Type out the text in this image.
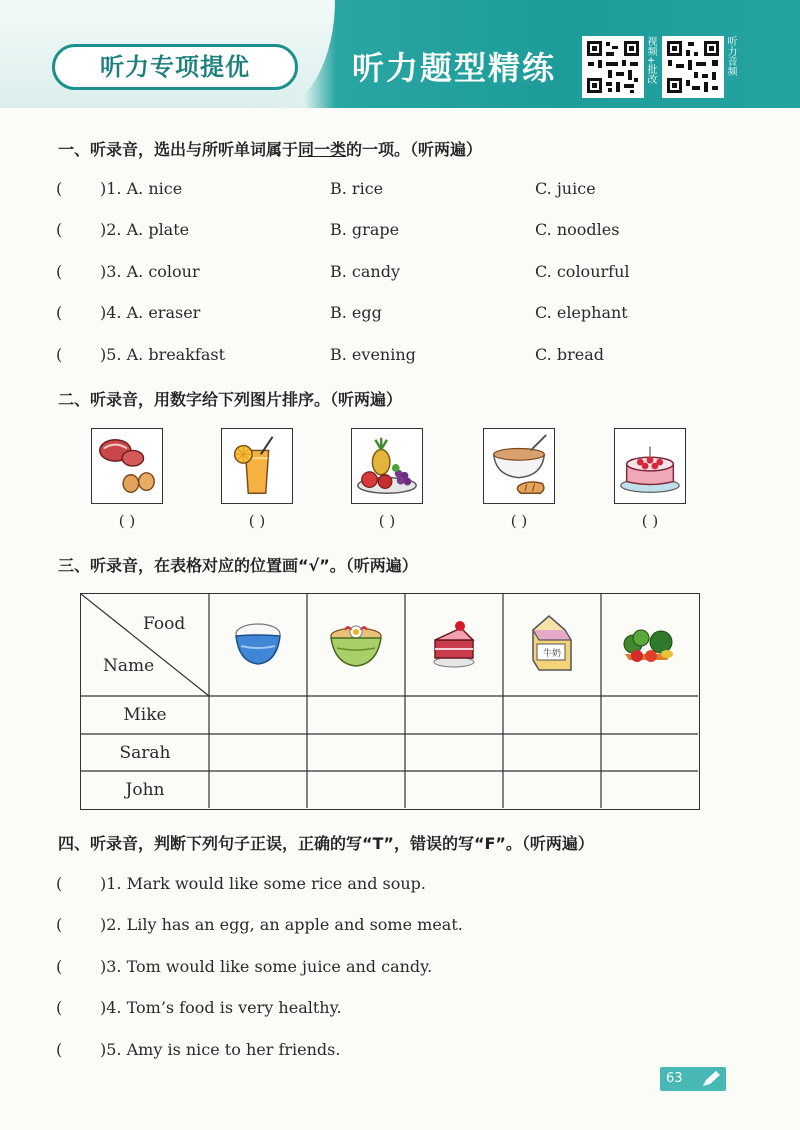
听力专项提优	听力题型精练	视频+批改	听力音频
一、听录音，选出与所听单词属于同一类的一项。（听两遍）
( )1. A. nice	B. rice	C. juice
( )2. A. plate	B. grape	C. noodles
( )3. A. colour	B. candy	C. colourful
( )4. A. eraser	B. egg	C. elephant
( )5. A. breakfast	B. evening	C. bread
二、听录音，用数字给下列图片排序。（听两遍）
( )	( )	( )	( )	( )
三、听录音，在表格对应的位置画“√”。（听两遍）
Food
Name
牛奶
Mike
Sarah
John
四、听录音，判断下列句子正误，正确的写“T”，错误的写“F”。（听两遍）
( )1. Mark would like some rice and soup.
( )2. Lily has an egg, an apple and some meat.
( )3. Tom would like some juice and candy.
( )4. Tom’s food is very healthy.
( )5. Amy is nice to her friends.
63
